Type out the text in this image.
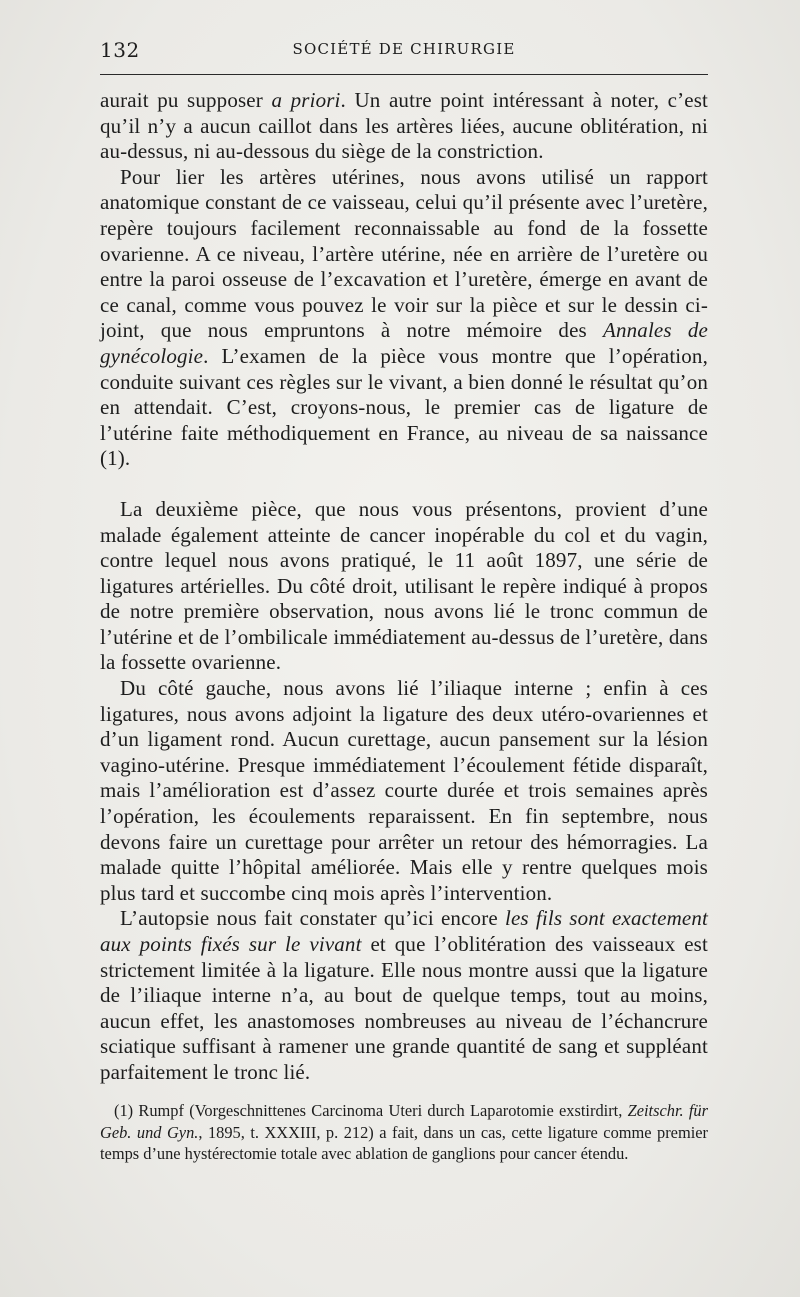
132	SOCIÉTÉ DE CHIRURGIE

aurait pu supposer a priori. Un autre point intéressant à noter, c’est qu’il n’y a aucun caillot dans les artères liées, aucune oblitération, ni au-dessus, ni au-dessous du siège de la constriction.

Pour lier les artères utérines, nous avons utilisé un rapport anatomique constant de ce vaisseau, celui qu’il présente avec l’uretère, repère toujours facilement reconnaissable au fond de la fossette ovarienne. A ce niveau, l’artère utérine, née en arrière de l’uretère ou entre la paroi osseuse de l’excavation et l’uretère, émerge en avant de ce canal, comme vous pouvez le voir sur la pièce et sur le dessin ci-joint, que nous empruntons à notre mémoire des Annales de gynécologie. L’examen de la pièce vous montre que l’opération, conduite suivant ces règles sur le vivant, a bien donné le résultat qu’on en attendait. C’est, croyons-nous, le premier cas de ligature de l’utérine faite méthodiquement en France, au niveau de sa naissance (1).

La deuxième pièce, que nous vous présentons, provient d’une malade également atteinte de cancer inopérable du col et du vagin, contre lequel nous avons pratiqué, le 11 août 1897, une série de ligatures artérielles. Du côté droit, utilisant le repère indiqué à propos de notre première observation, nous avons lié le tronc commun de l’utérine et de l’ombilicale immédiatement au-dessus de l’uretère, dans la fossette ovarienne.

Du côté gauche, nous avons lié l’iliaque interne ; enfin à ces ligatures, nous avons adjoint la ligature des deux utéro-ovariennes et d’un ligament rond. Aucun curettage, aucun pansement sur la lésion vagino-utérine. Presque immédiatement l’écoulement fétide disparaît, mais l’amélioration est d’assez courte durée et trois semaines après l’opération, les écoulements reparaissent. En fin septembre, nous devons faire un curettage pour arrêter un retour des hémorragies. La malade quitte l’hôpital améliorée. Mais elle y rentre quelques mois plus tard et succombe cinq mois après l’intervention.

L’autopsie nous fait constater qu’ici encore les fils sont exactement aux points fixés sur le vivant et que l’oblitération des vaisseaux est strictement limitée à la ligature. Elle nous montre aussi que la ligature de l’iliaque interne n’a, au bout de quelque temps, tout au moins, aucun effet, les anastomoses nombreuses au niveau de l’échancrure sciatique suffisant à ramener une grande quantité de sang et suppléant parfaitement le tronc lié.

(1) Rumpf (Vorgeschnittenes Carcinoma Uteri durch Laparotomie exstirdirt, Zeitschr. für Geb. und Gyn., 1895, t. XXXIII, p. 212) a fait, dans un cas, cette ligature comme premier temps d’une hystérectomie totale avec ablation de ganglions pour cancer étendu.
